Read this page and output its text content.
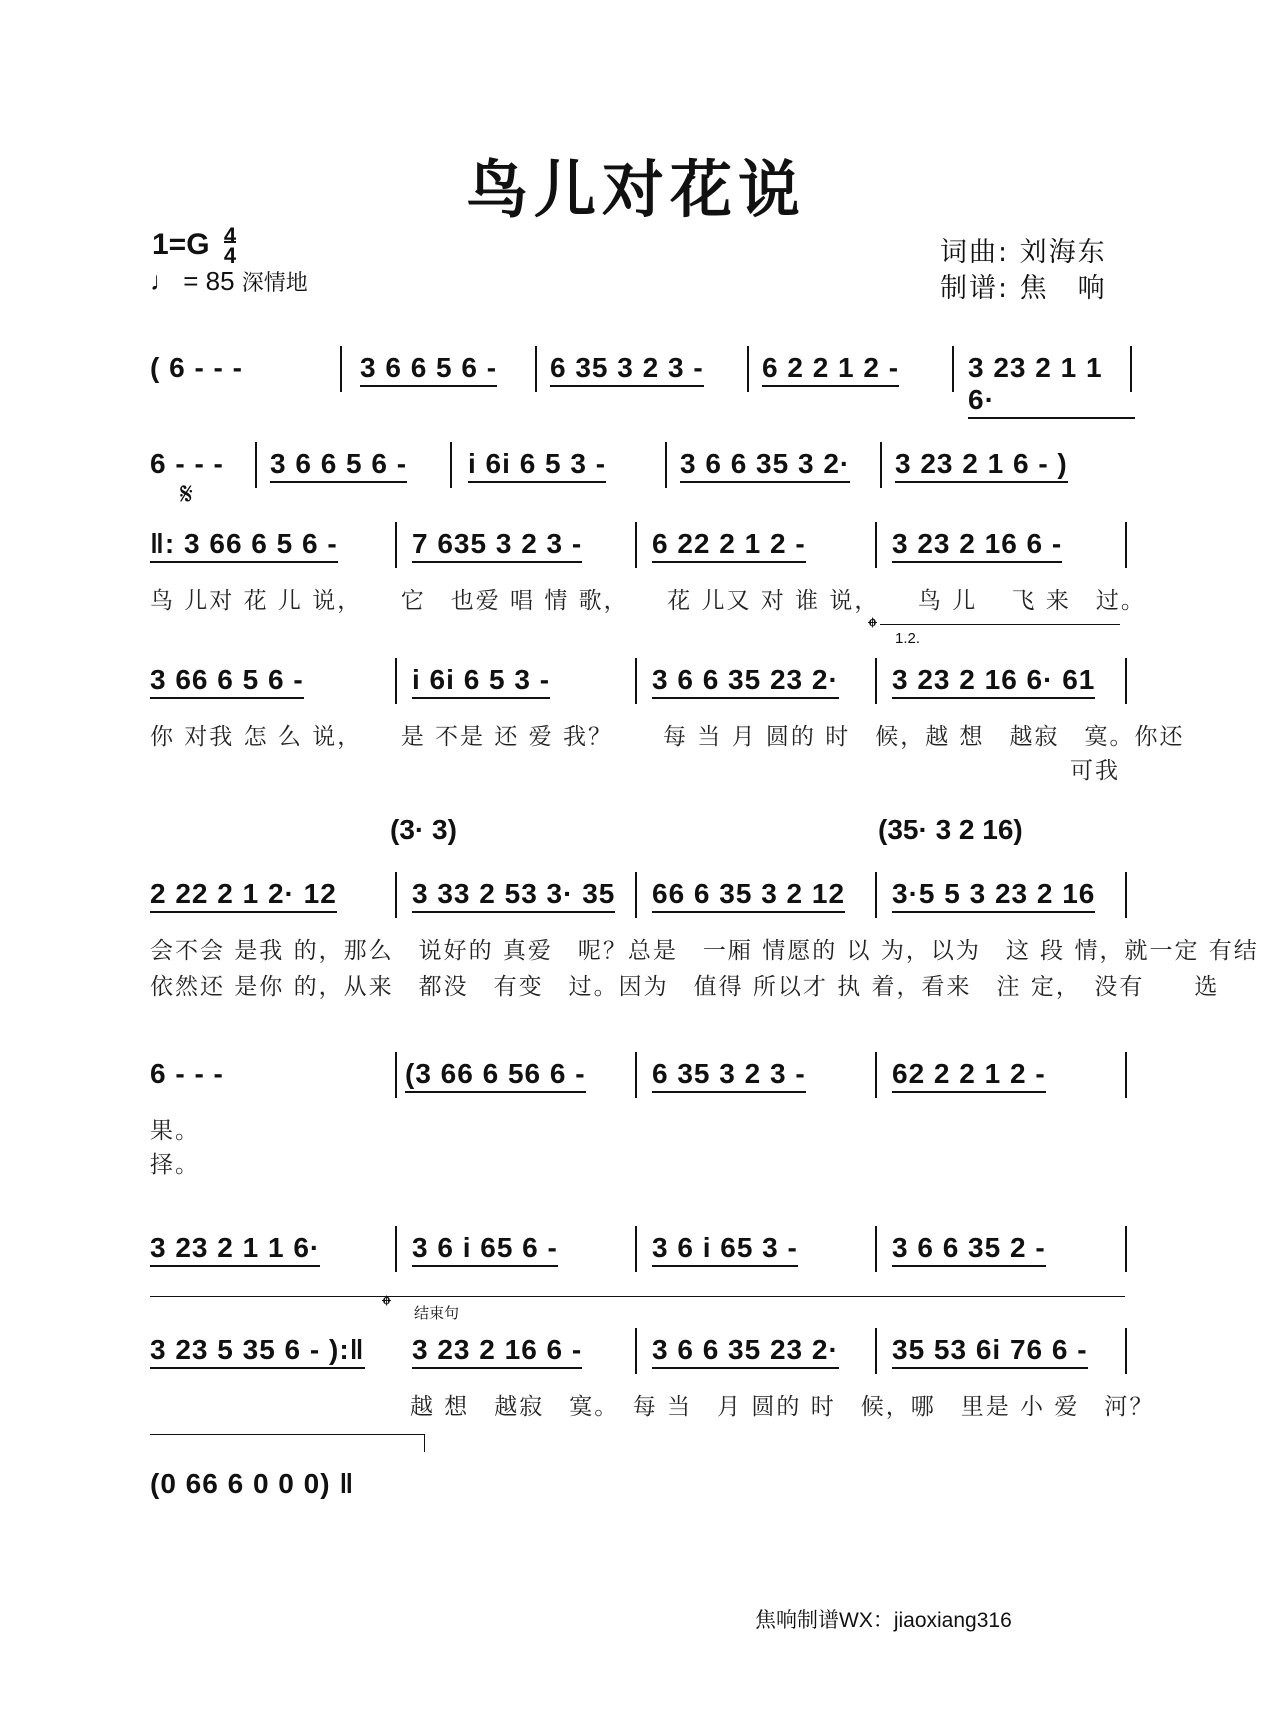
鸟儿对花说
1=G 4
4
♩ = 85 深情地
词曲: 刘海东
制谱: 焦　响
( 6 - - -	3 6 6 5 6 - 6 35 3 2 3 - 6 2 2 1 2 - 3 23 2 1 1 6·
6 - - - 3 6 6 5 6 - i 6i 6 5 3 -	3 6 6 35 3 2· 3 23 2 1 6 - )
𝄋
‖: 3 66 6 5 6 -	7 635 3 2 3 - 6 22 2 1 2 -	3 23 2 16 6 -
鸟 儿对 花 儿 说，　　它　也爱 唱 情 歌，　　花 儿又 对 谁 说，　　鸟 儿　 飞 来　过。
1.2.
𝄌
3 66 6 5 6 -	i 6i 6 5 3 -	3 6 6 35 23 2· 3 23 2 16 6· 61
你 对我 怎 么 说，　　是 不是 还 爱 我？　　每 当 月 圆的 时　候，越 想　越寂　寞。你还
可我
(3· 3)	(35· 3 2 16)
2 22 2 1 2· 12	3 33 2 53 3· 35 66 6 35 3 2 12 3·5 5 3 23 2 16
会不会 是我 的，那么　说好的 真爱　呢？总是　一厢 情愿的 以 为，以为　这 段 情，就一定 有结
依然还 是你 的，从来　都没　有变　过。因为　值得 所以才 执 着，看来　注 定，　没有　　选
6 - - -	(3 66 6 56 6 - 6 35 3 2 3 -	62 2 2 1 2 -
果。
择。
3 23 2 1 1 6·	3 6 i 65 6 -	3 6 i 65 3 -	3 6 6 35 2 -
𝄌 结束句
3 23 5 35 6 - ):‖ 3 23 2 16 6 - 3 6 6 35 23 2· 35 53 6i 76 6 -
越 想　越寂　寞。　每 当　月 圆的 时　候，哪　里是 小 爱　河？
(0 66 6 0 0 0) ‖
焦响制谱WX：jiaoxiang316
